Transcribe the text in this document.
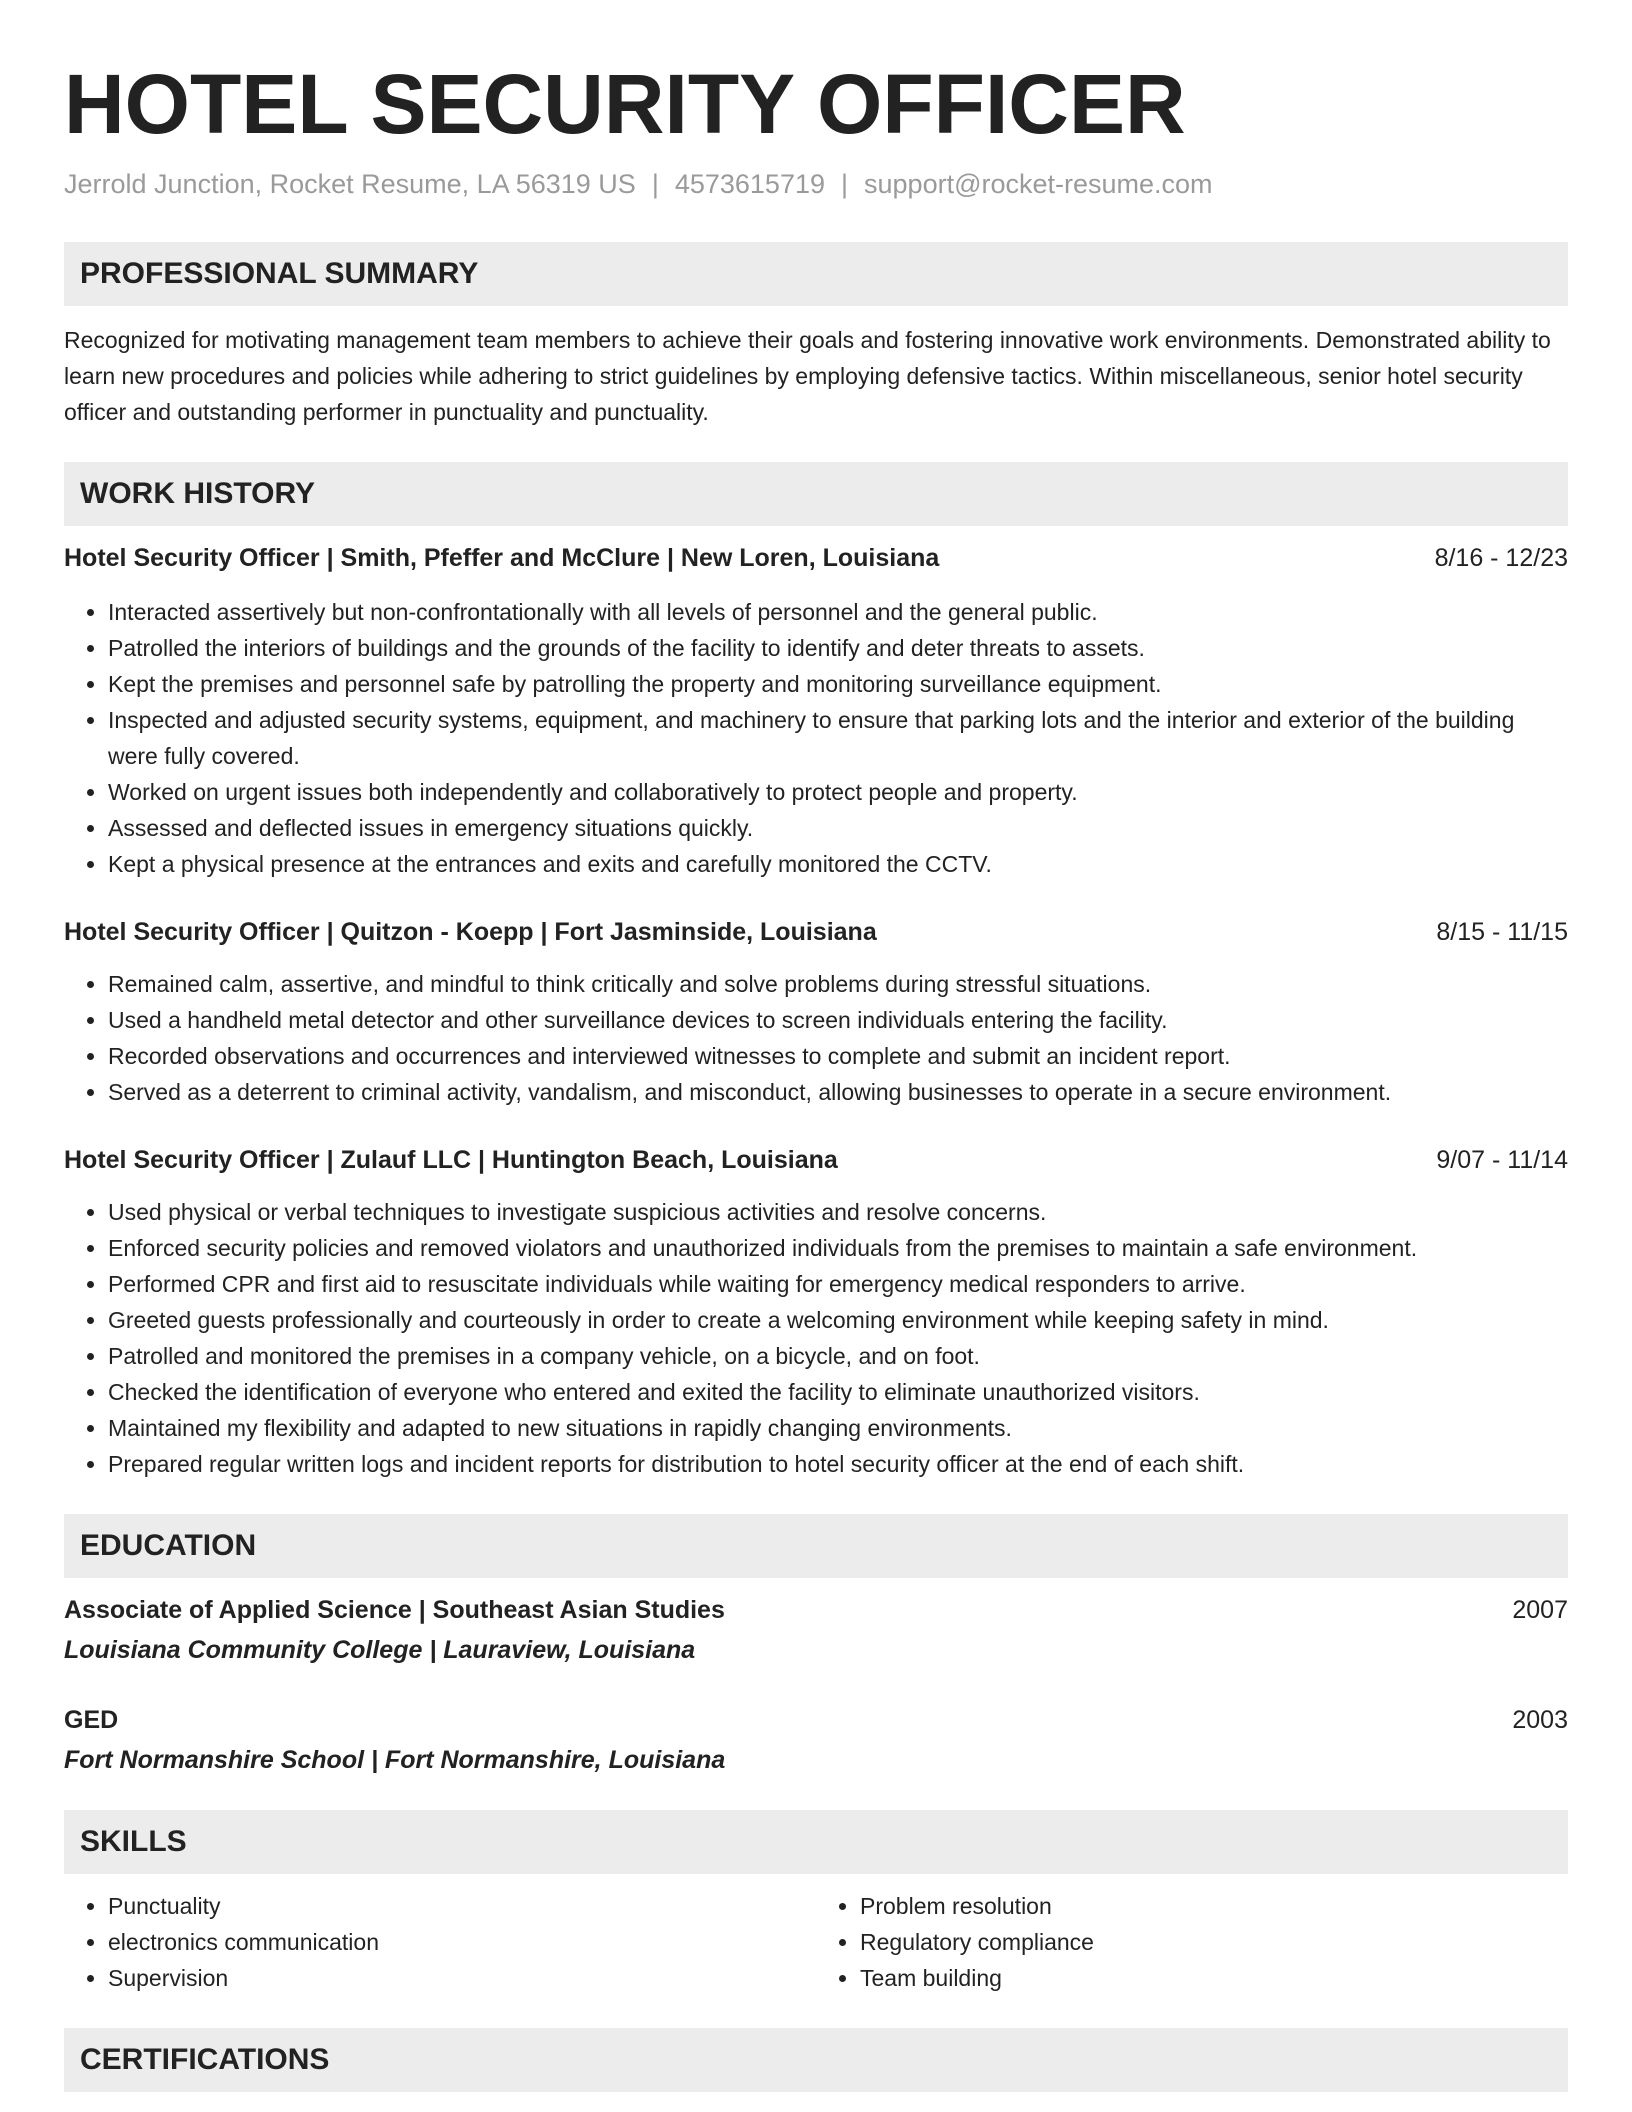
HOTEL SECURITY OFFICER
Jerrold Junction, Rocket Resume, LA 56319 US | 4573615719 | support@rocket-resume.com
PROFESSIONAL SUMMARY
Recognized for motivating management team members to achieve their goals and fostering innovative work environments. Demonstrated ability to learn new procedures and policies while adhering to strict guidelines by employing defensive tactics. Within miscellaneous, senior hotel security officer and outstanding performer in punctuality and punctuality.
WORK HISTORY
Hotel Security Officer | Smith, Pfeffer and McClure | New Loren, Louisiana	8/16 - 12/23
• Interacted assertively but non-confrontationally with all levels of personnel and the general public.
• Patrolled the interiors of buildings and the grounds of the facility to identify and deter threats to assets.
• Kept the premises and personnel safe by patrolling the property and monitoring surveillance equipment.
• Inspected and adjusted security systems, equipment, and machinery to ensure that parking lots and the interior and exterior of the building were fully covered.
• Worked on urgent issues both independently and collaboratively to protect people and property.
• Assessed and deflected issues in emergency situations quickly.
• Kept a physical presence at the entrances and exits and carefully monitored the CCTV.
Hotel Security Officer | Quitzon - Koepp | Fort Jasminside, Louisiana	8/15 - 11/15
• Remained calm, assertive, and mindful to think critically and solve problems during stressful situations.
• Used a handheld metal detector and other surveillance devices to screen individuals entering the facility.
• Recorded observations and occurrences and interviewed witnesses to complete and submit an incident report.
• Served as a deterrent to criminal activity, vandalism, and misconduct, allowing businesses to operate in a secure environment.
Hotel Security Officer | Zulauf LLC | Huntington Beach, Louisiana	9/07 - 11/14
• Used physical or verbal techniques to investigate suspicious activities and resolve concerns.
• Enforced security policies and removed violators and unauthorized individuals from the premises to maintain a safe environment.
• Performed CPR and first aid to resuscitate individuals while waiting for emergency medical responders to arrive.
• Greeted guests professionally and courteously in order to create a welcoming environment while keeping safety in mind.
• Patrolled and monitored the premises in a company vehicle, on a bicycle, and on foot.
• Checked the identification of everyone who entered and exited the facility to eliminate unauthorized visitors.
• Maintained my flexibility and adapted to new situations in rapidly changing environments.
• Prepared regular written logs and incident reports for distribution to hotel security officer at the end of each shift.
EDUCATION
Associate of Applied Science | Southeast Asian Studies	2007
Louisiana Community College | Lauraview, Louisiana
GED	2003
Fort Normanshire School | Fort Normanshire, Louisiana
SKILLS
• Punctuality
• electronics communication
• Supervision
• Problem resolution
• Regulatory compliance
• Team building
CERTIFICATIONS
